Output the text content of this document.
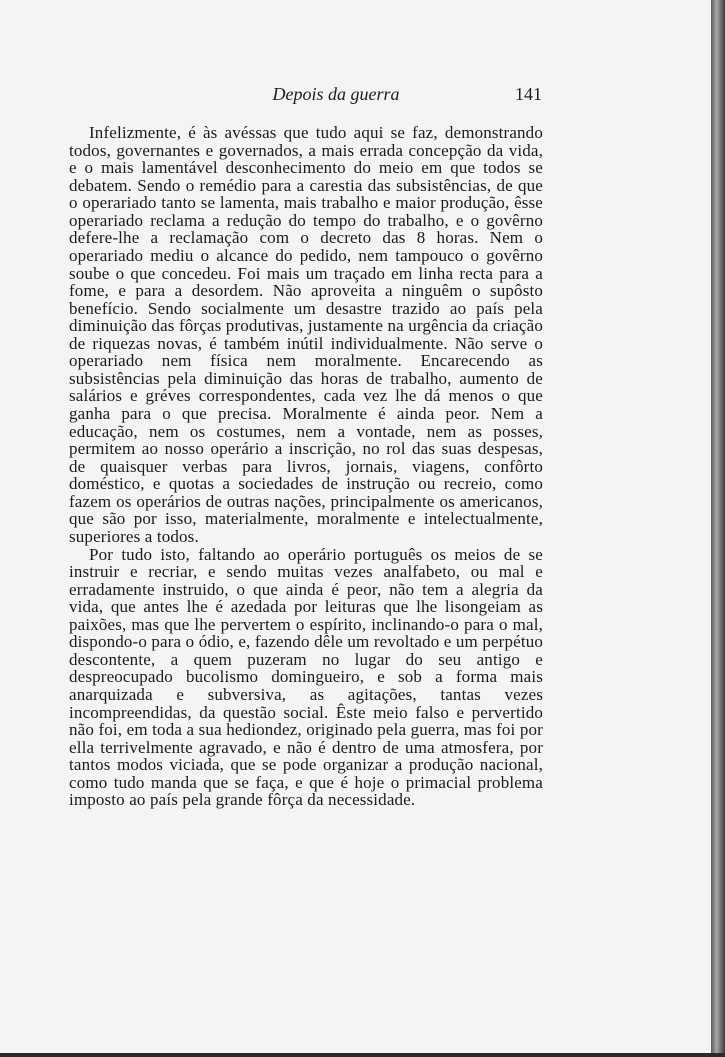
Depois da guerra	141

Infelizmente, é às avéssas que tudo aqui se faz, demonstrando todos, governantes e governados, a mais errada concepção da vida, e o mais lamentável desconhecimento do meio em que todos se debatem. Sendo o remédio para a carestia das subsistências, de que o operariado tanto se lamenta, mais trabalho e maior produção, êsse operariado reclama a redução do tempo do trabalho, e o govêrno defere-lhe a reclamação com o decreto das 8 horas. Nem o operariado mediu o alcance do pedido, nem tampouco o govêrno soube o que concedeu. Foi mais um traçado em linha recta para a fome, e para a desordem. Não aproveita a ninguêm o supôsto benefício. Sendo socialmente um desastre trazido ao país pela diminuição das fôrças produtivas, justamente na urgência da criação de riquezas novas, é também inútil individualmente. Não serve o operariado nem física nem moralmente. Encarecendo as subsistências pela diminuição das horas de trabalho, aumento de salários e gréves correspondentes, cada vez lhe dá menos o que ganha para o que precisa. Moralmente é ainda peor. Nem a educação, nem os costumes, nem a vontade, nem as posses, permitem ao nosso operário a inscrição, no rol das suas despesas, de quaisquer verbas para livros, jornais, viagens, confôrto doméstico, e quotas a sociedades de instrução ou recreio, como fazem os operários de outras nações, principalmente os americanos, que são por isso, materialmente, moralmente e intelectualmente, superiores a todos.

Por tudo isto, faltando ao operário português os meios de se instruir e recriar, e sendo muitas vezes analfabeto, ou mal e erradamente instruido, o que ainda é peor, não tem a alegria da vida, que antes lhe é azedada por leituras que lhe lisongeiam as paixões, mas que lhe pervertem o espírito, inclinando-o para o mal, dispondo-o para o ódio, e, fazendo dêle um revoltado e um perpétuo descontente, a quem puzeram no lugar do seu antigo e despreocupado bucolismo domingueiro, e sob a forma mais anarquizada e subversiva, as agitações, tantas vezes incompreendidas, da questão social. Êste meio falso e pervertido não foi, em toda a sua hediondez, originado pela guerra, mas foi por ella terrivelmente agravado, e não é dentro de uma atmosfera, por tantos modos viciada, que se pode organizar a produção nacional, como tudo manda que se faça, e que é hoje o primacial problema imposto ao país pela grande fôrça da necessidade.
